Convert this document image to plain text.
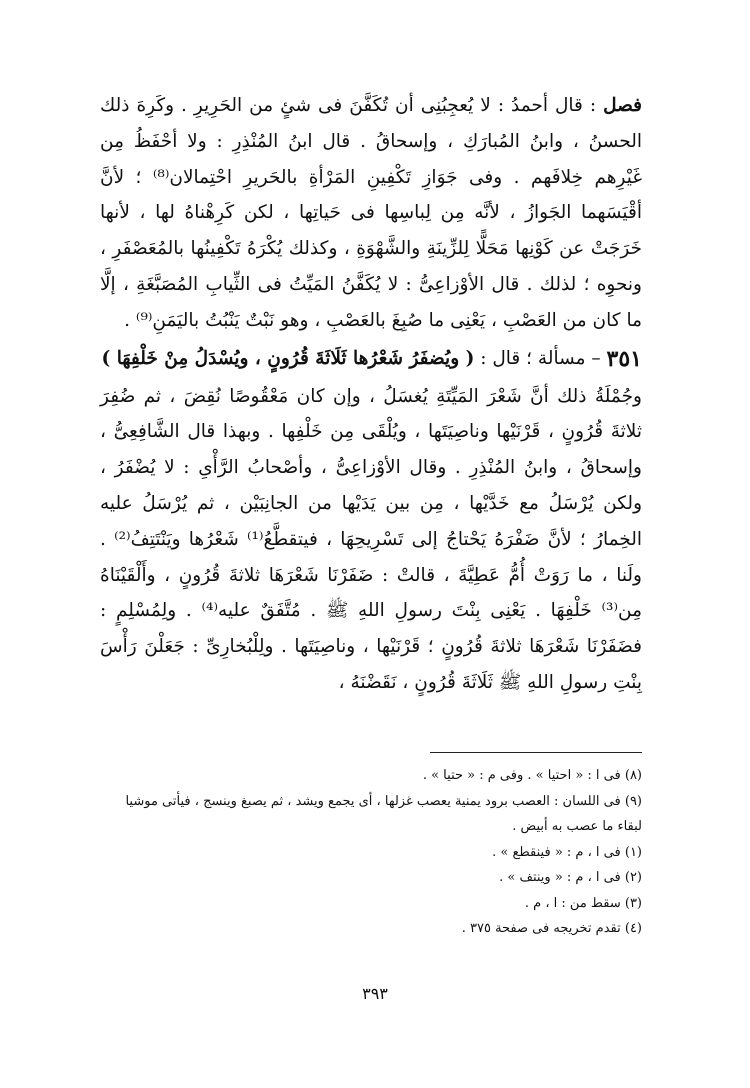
فصل : قال أحمدُ : لا يُعجِبُنِى أن تُكَفَّنَ فى شئٍ من الحَرِيرِ . وكَرِهَ ذلك الحسنُ ، وابنُ المُبارَكِ ، وإسحاقُ . قال ابنُ المُنْذِرِ : ولا أحْفَظُ مِن غَيْرِهم خِلافَهم . وفى جَوَازِ تَكْفِينِ المَرْأةِ بالحَريرِ احْتِمالان⁽⁸⁾ ؛ لأنَّ أقْيَسَهما الجَوازُ ، لأنَّه مِن لِباسِها فى حَياتِها ، لكن كَرِهْناهُ لها ، لأنها خَرَجَتْ عن كَوْنِها مَحَلًّا لِلزِّينَةِ والشَّهْوَةِ ، وكذلك يُكْرَهُ تَكْفِينُها بالمُعَصْفَرِ ، ونحوِه ؛ لذلك . قال الأوْزاعِىُّ : لا يُكَفَّنُ المَيِّتُ فى الثِّيابِ المُصَبَّغَةِ ، إلَّا ما كان من العَصْبِ ، يَعْنِى ما صُبِغَ بالعَصْبِ ، وهو نَبْتٌ يَنْبُتُ باليَمَنِ⁽⁹⁾ .

٣٥١

– مسألة ؛ قال :

( ويُضفَرُ شَعْرُها ثَلَاثَةَ قُرُونٍ ، ويُسْدَلُ مِنْ خَلْفِهَا )

وجُمْلَةُ ذلك أنَّ شَعْرَ المَيِّتَةِ يُغسَلُ ، وإن كان مَعْقُوصًا نُقِضَ ، ثم ضُفِرَ ثلاثةَ قُرُونٍ ، قَرْنَيْها وناصِيَتَها ، ويُلْقَى مِن خَلْفِها . وبهذا قال الشَّافِعِىُّ ، وإسحاقُ ، وابنُ المُنْذِرِ . وقال الأوْزاعِىُّ ، وأصْحابُ الرَّأْىِ : لا يُضْفَرُ ، ولكن يُرْسَلُ مع خَدَّيْها ، مِن بين يَدَيْها من الجانِبَيْن ، ثم يُرْسَلُ عليه الخِمارُ ؛ لأنَّ ضَفْرَهُ يَحْتاجُ إلى تَسْرِيحِهَا ، فيتقطَّعُ⁽¹⁾ شَعْرُها ويَنْتَتِفُ⁽²⁾ . ولَنا ، ما رَوَتْ أُمُّ عَطِيَّةَ ، قالتْ : ضَفَرْنَا شَعْرَهَا ثلاثةَ قُرُونٍ ، وأَلْقَيْنَاهُ مِن⁽³⁾ خَلْفِهَا . يَعْنِى بِنْتَ رسولِ اللهِ ﷺ . مُتَّفَقٌ عليه⁽⁴⁾ . ولِمُسْلِمٍ : فضَفَرْنَا شَعْرَهَا ثلاثةَ قُرُونٍ ؛ قَرْنَيْها ، وناصِيَتَها . ولِلْبُخارِىِّ : جَعَلْنَ رَأْسَ بِنْتِ رسولِ اللهِ ﷺ ثَلَاثَةَ قُرُونٍ ، نَقَضْنَهُ ،

(٨) فى ا : « احتيا » . وفى م : « حتيا » .

(٩) فى اللسان : العصب برود يمنية يعصب غزلها ، أى يجمع ويشد ، ثم يصبغ وينسج ، فيأتى موشيا لبقاء ما عصب به أبيض .

(١) فى ا ، م : « فينقطع » .

(٢) فى ا ، م : « وينتف » .

(٣) سقط من : ا ، م .

(٤) تقدم تخريجه فى صفحة ٣٧٥ .

٣٩٣
